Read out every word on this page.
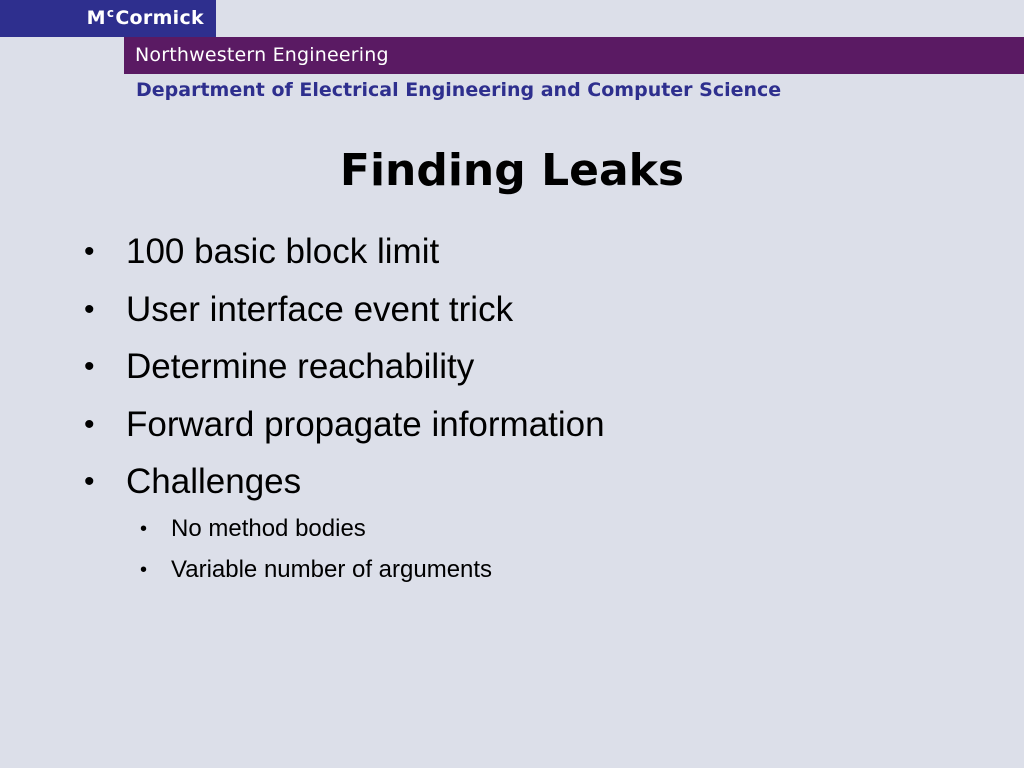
$M^cCormick$
Northwestern Engineering
Department of Electrical Engineering and Computer Science
Finding Leaks
• 100 basic block limit
• User interface event trick
• Determine reachability
• Forward propagate information
• Challenges
• No method bodies
• Variable number of arguments
